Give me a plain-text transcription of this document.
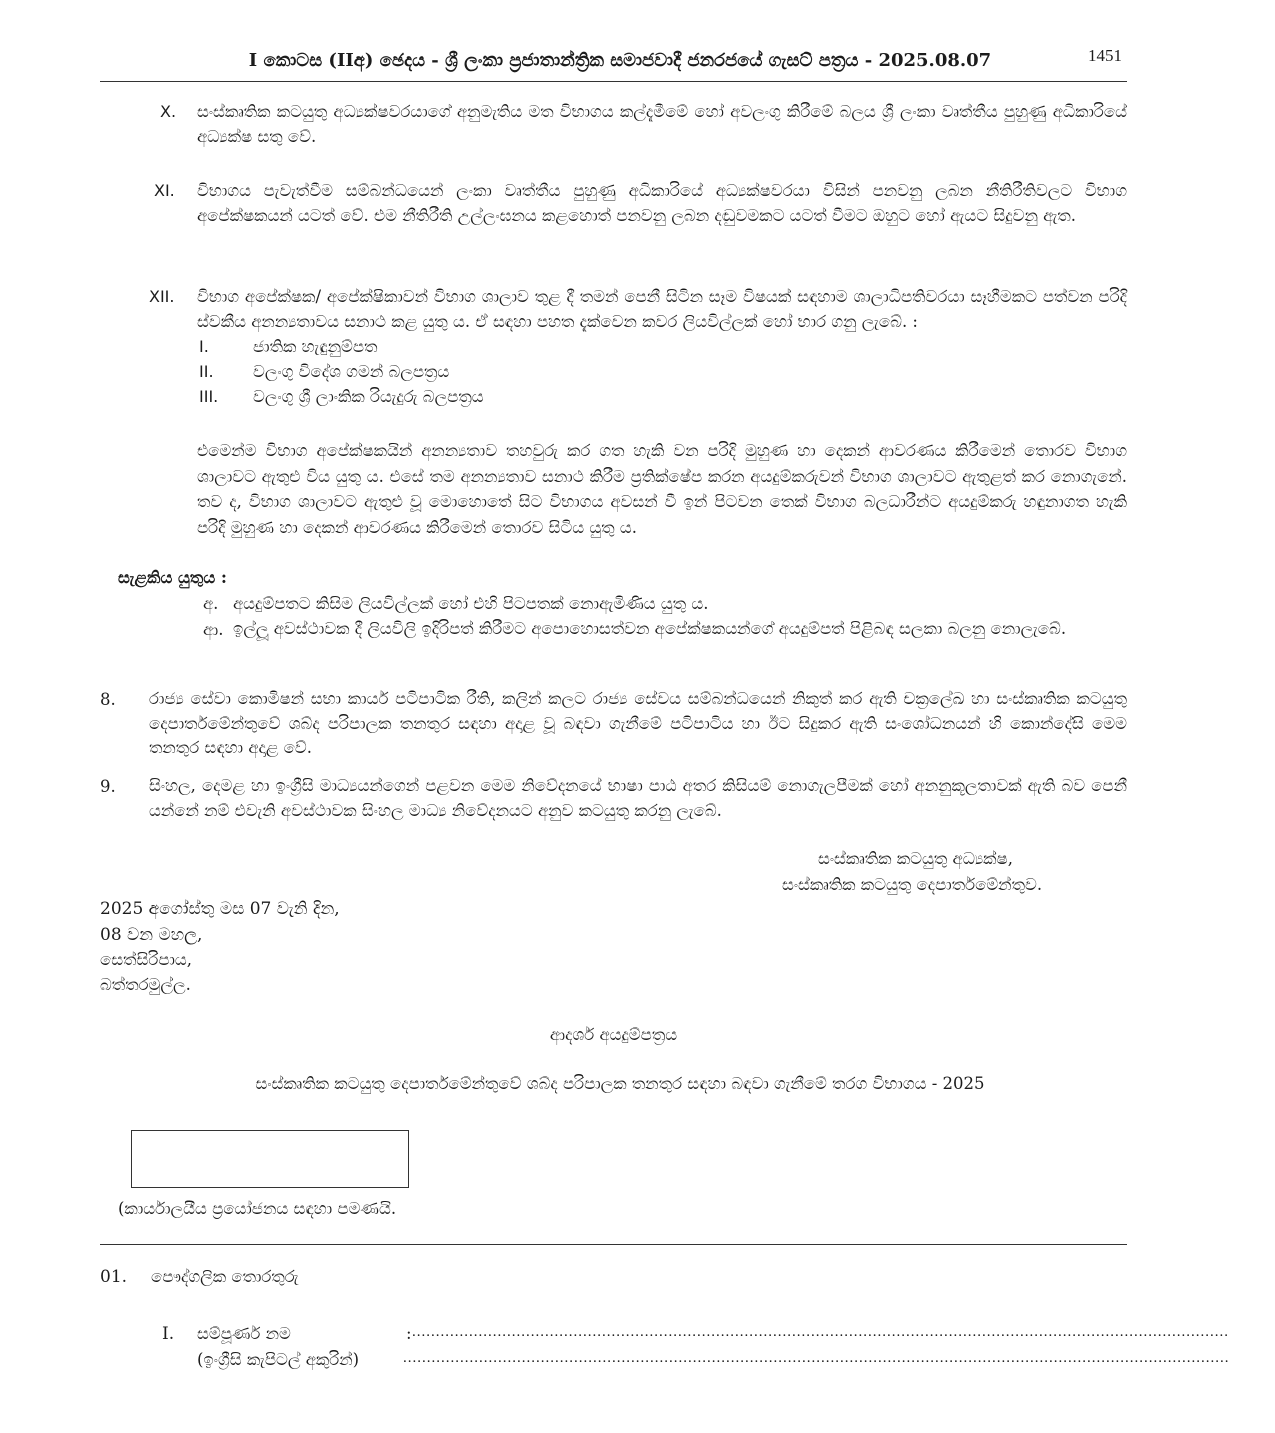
I කොටස (IIඅ) ඡෙදය - ශ්‍රී ලංකා ප්‍රජාතාන්ත්‍රික සමාජවාදී ජනරජයේ ගැසට් පත්‍රය - 2025.08.07	1451
X. සංස්කෘතික කටයුතු අධ්‍යක්ෂවරයාගේ අනුමැතිය මත විභාගය කල්දැමීමේ හෝ අවලංගු කිරීමේ බලය ශ්‍රී ලංකා වෘත්තීය පුහුණු අධිකාරියේ අධ්‍යක්ෂ සතු වේ.
XI. විභාගය පැවැත්වීම සම්බන්ධයෙන් ලංකා වෘත්තීය පුහුණු අධිකාරියේ අධ්‍යක්ෂවරයා විසින් පනවනු ලබන නීතිරීතිවලට විභාග අපේක්ෂකයන් යටත් වේ. එම නීතිරීති උල්ලංඝනය කළහොත් පනවනු ලබන දඬුවමකට යටත් වීමට ඔහුට හෝ ඇයට සිදුවනු ඇත.
XII. විභාග අපේක්ෂක/ අපේක්ෂිකාවන් විභාග ශාලාව තුළ දී තමන් පෙනී සිටින සෑම විෂයක් සඳහාම ශාලාධිපතිවරයා සෑහීමකට පත්වන පරිදි ස්වකීය අනන්‍යතාවය සනාථ කළ යුතු ය. ඒ සඳහා පහත දැක්වෙන කවර ලියවිල්ලක් හෝ භාර ගනු ලැබේ. :
I.	ජාතික හැඳුනුම්පත
II. වලංගු විදේශ ගමන් බලපත්‍රය
III. වලංගු ශ්‍රී ලාංකික රියැදුරු බලපත්‍රය
එමෙන්ම විභාග අපේක්ෂකයින් අනන්‍යතාව තහවුරු කර ගත හැකි වන පරිදි මුහුණ හා දෙකන් ආවරණය කිරීමෙන් තොරව විභාග ශාලාවට ඇතුළු විය යුතු ය. එසේ තම අනන්‍යතාව සනාථ කිරීම ප්‍රතික්ෂේප කරන අයදුම්කරුවන් විභාග ශාලාවට ඇතුළත් කර නොගැනේ. තව ද, විභාග ශාලාවට ඇතුළු වූ මොහොතේ සිට විභාගය අවසන් වී ඉන් පිටවන තෙක් විභාග බලධාරීන්ට අයදුම්කරු හඳුනාගත හැකි පරිදි මුහුණ හා දෙකන් ආවරණය කිරීමෙන් තොරව සිටිය යුතු ය.
සැළකිය යුතුය :
අ. අයදුම්පතට කිසිම ලියවිල්ලක් හෝ එහි පිටපතක් නොඇමිණිය යුතු ය.
ආ. ඉල්ලූ අවස්ථාවක දී ලියවිලි ඉදිරිපත් කිරීමට අපොහොසත්වන අපේක්ෂකයන්ගේ අයදුම්පත් පිළිබඳ සලකා බලනු නොලැබේ.
8. රාජ්‍ය සේවා කොමිෂන් සභා කාර්ය පටිපාටික රීති, කලින් කලට රාජ්‍ය සේවය සම්බන්ධයෙන් නිකුත් කර ඇති චක්‍රලේඛ හා සංස්කෘතික කටයුතු දෙපාර්තමේන්තුවේ ශබ්ද පරිපාලක තනතුර සඳහා අදාළ වූ බඳවා ගැනීමේ පටිපාටිය හා ඊට සිදුකර ඇති සංශෝධනයන් හි කොන්දේසි මෙම තනතුර සඳහා අදාළ වේ.
9. සිංහල, දෙමළ හා ඉංග්‍රීසි මාධ්‍යයන්ගෙන් පළවන මෙම නිවේදනයේ භාෂා පාඨ අතර කිසියම් නොගැලපීමක් හෝ අනනුකූලතාවක් ඇති බව පෙනී යන්නේ නම් එවැනි අවස්ථාවක සිංහල මාධ්‍ය නිවේදනයට අනුව කටයුතු කරනු ලැබේ.
සංස්කෘතික කටයුතු අධ්‍යක්ෂ,
සංස්කෘතික කටයුතු දෙපාර්තමේන්තුව.
2025 අගෝස්තු මස 07 වැනි දින,
08 වන මහල,
සෙත්සිරිපාය,
බත්තරමුල්ල.
ආදර්ශ අයදුම්පත්‍රය
සංස්කෘතික කටයුතු දෙපාර්තමේන්තුවේ ශබ්ද පරිපාලක තනතුර සඳහා බඳවා ගැනීමේ තරග විභාගය - 2025
(කාර්යාලයීය ප්‍රයෝජනය සඳහා පමණයි.
01. පෞද්ගලික තොරතුරු
I. සම්පූර්ණ නම	: ............................................................................................................................................................................
(ඉංග්‍රීසි කැපිටල් අකුරින්)	..............................................................................................................................................................................
